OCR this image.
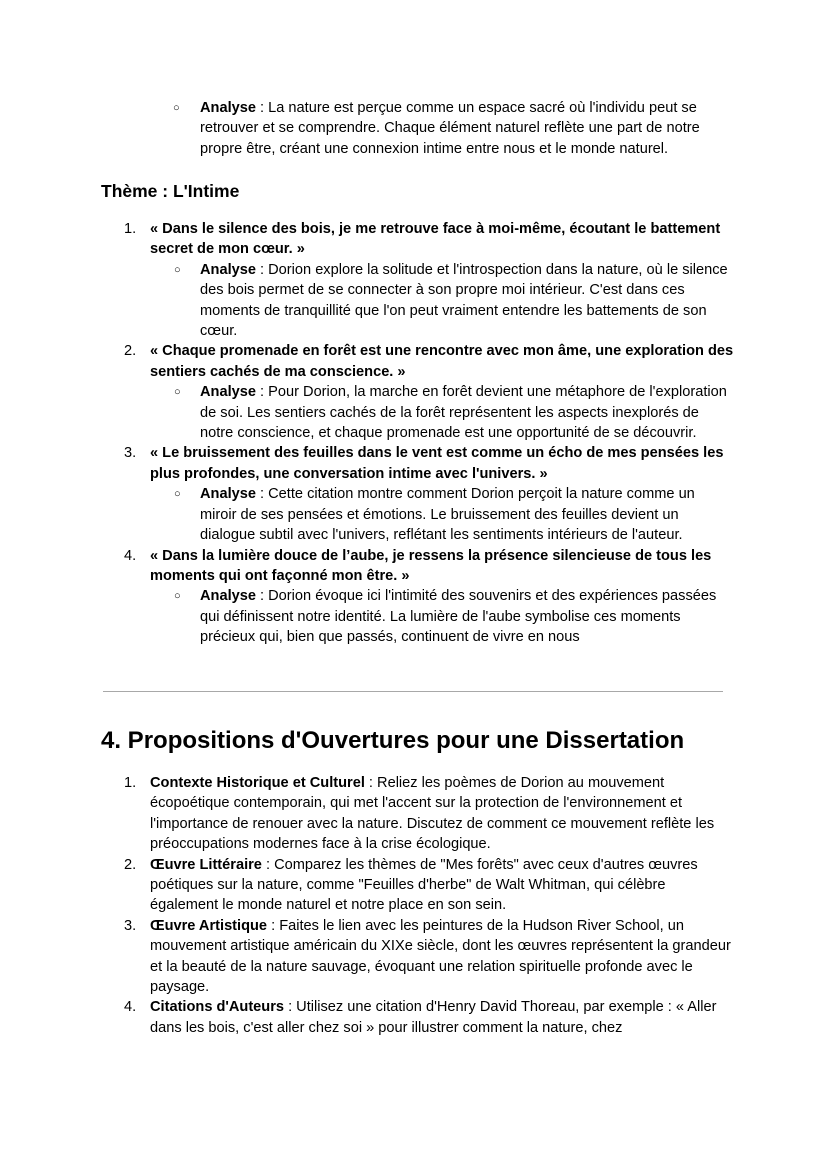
○	Analyse : La nature est perçue comme un espace sacré où l'individu peut se retrouver et se comprendre. Chaque élément naturel reflète une part de notre propre être, créant une connexion intime entre nous et le monde naturel.
Thème : L'Intime
1. « Dans le silence des bois, je me retrouve face à moi-même, écoutant le battement secret de mon cœur. »
○ Analyse : Dorion explore la solitude et l'introspection dans la nature, où le silence des bois permet de se connecter à son propre moi intérieur. C'est dans ces moments de tranquillité que l'on peut vraiment entendre les battements de son cœur.
2. « Chaque promenade en forêt est une rencontre avec mon âme, une exploration des sentiers cachés de ma conscience. »
○ Analyse : Pour Dorion, la marche en forêt devient une métaphore de l'exploration de soi. Les sentiers cachés de la forêt représentent les aspects inexplorés de notre conscience, et chaque promenade est une opportunité de se découvrir.
3. « Le bruissement des feuilles dans le vent est comme un écho de mes pensées les plus profondes, une conversation intime avec l'univers. »
○ Analyse : Cette citation montre comment Dorion perçoit la nature comme un miroir de ses pensées et émotions. Le bruissement des feuilles devient un dialogue subtil avec l'univers, reflétant les sentiments intérieurs de l'auteur.
4. « Dans la lumière douce de l’aube, je ressens la présence silencieuse de tous les moments qui ont façonné mon être. »
○ Analyse : Dorion évoque ici l'intimité des souvenirs et des expériences passées qui définissent notre identité. La lumière de l'aube symbolise ces moments précieux qui, bien que passés, continuent de vivre en nous
4. Propositions d'Ouvertures pour une Dissertation
1. Contexte Historique et Culturel : Reliez les poèmes de Dorion au mouvement écopoétique contemporain, qui met l'accent sur la protection de l'environnement et l'importance de renouer avec la nature. Discutez de comment ce mouvement reflète les préoccupations modernes face à la crise écologique.
2. Œuvre Littéraire : Comparez les thèmes de "Mes forêts" avec ceux d'autres œuvres poétiques sur la nature, comme "Feuilles d'herbe" de Walt Whitman, qui célèbre également le monde naturel et notre place en son sein.
3. Œuvre Artistique : Faites le lien avec les peintures de la Hudson River School, un mouvement artistique américain du XIXe siècle, dont les œuvres représentent la grandeur et la beauté de la nature sauvage, évoquant une relation spirituelle profonde avec le paysage.
4. Citations d'Auteurs : Utilisez une citation d'Henry David Thoreau, par exemple : « Aller dans les bois, c'est aller chez soi » pour illustrer comment la nature, chez
